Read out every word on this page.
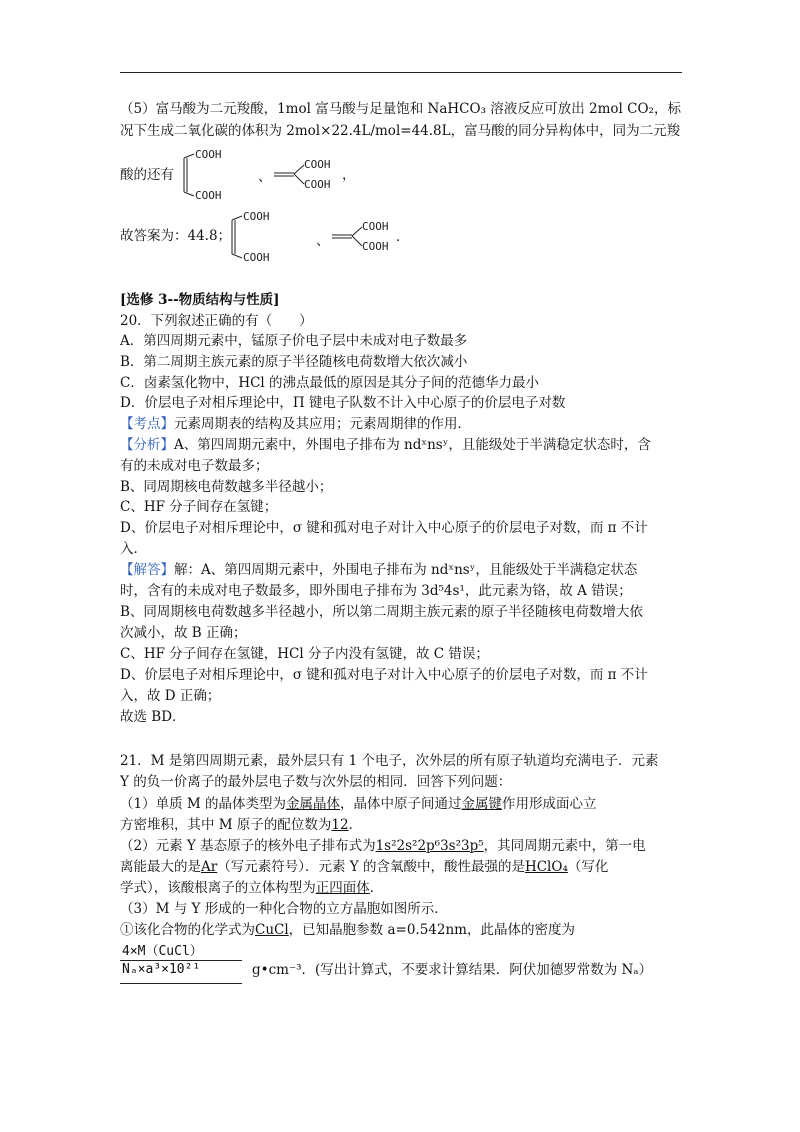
（5）富马酸为二元羧酸，1mol 富马酸与足量饱和 NaHCO₃ 溶液反应可放出 2mol CO₂，标
况下生成二氧化碳的体积为 2mol×22.4L/mol=44.8L，富马酸的同分异构体中，同为二元羧
酸的还有
COOH
COOH
、
COOH
COOH
，
故答案为：44.8；
COOH
COOH
、
COOH
COOH
．
[选修 3--物质结构与性质]
20．下列叙述正确的有（　　）
A．第四周期元素中，锰原子价电子层中未成对电子数最多
B．第二周期主族元素的原子半径随核电荷数增大依次减小
C．卤素氢化物中，HCl 的沸点最低的原因是其分子间的范德华力最小
D．价层电子对相斥理论中，Π 键电子队数不计入中心原子的价层电子对数
【考点】元素周期表的结构及其应用；元素周期律的作用．
【分析】A、第四周期元素中，外围电子排布为 ndˣnsʸ，且能级处于半满稳定状态时，含
有的未成对电子数最多；
B、同周期核电荷数越多半径越小；
C、HF 分子间存在氢键；
D、价层电子对相斥理论中，σ 键和孤对电子对计入中心原子的价层电子对数，而 π 不计
入．
【解答】解：A、第四周期元素中，外围电子排布为 ndˣnsʸ，且能级处于半满稳定状态
时，含有的未成对电子数最多，即外围电子排布为 3d⁵4s¹，此元素为铬，故 A 错误；
B、同周期核电荷数越多半径越小，所以第二周期主族元素的原子半径随核电荷数增大依
次减小，故 B 正确；
C、HF 分子间存在氢键，HCl 分子内没有氢键，故 C 错误；
D、价层电子对相斥理论中，σ 键和孤对电子对计入中心原子的价层电子对数，而 π 不计
入，故 D 正确；
故选 BD．
21．M 是第四周期元素，最外层只有 1 个电子，次外层的所有原子轨道均充满电子．元素
Y 的负一价离子的最外层电子数与次外层的相同．回答下列问题：
（1）单质 M 的晶体类型为金属晶体，晶体中原子间通过金属键作用形成面心立
方密堆积，其中 M 原子的配位数为12．
（2）元素 Y 基态原子的核外电子排布式为1s²2s²2p⁶3s²3p⁵，其同周期元素中，第一电
离能最大的是Ar（写元素符号）．元素 Y 的含氧酸中，酸性最强的是HClO₄（写化
学式），该酸根离子的立体构型为正四面体．
（3）M 与 Y 形成的一种化合物的立方晶胞如图所示．
①该化合物的化学式为CuCl，已知晶胞参数 a=0.542nm，此晶体的密度为
4×M（CuCl）
Nₐ×a³×10²¹	g•cm⁻³．(写出计算式，不要求计算结果．阿伏加德罗常数为 Nₐ）
